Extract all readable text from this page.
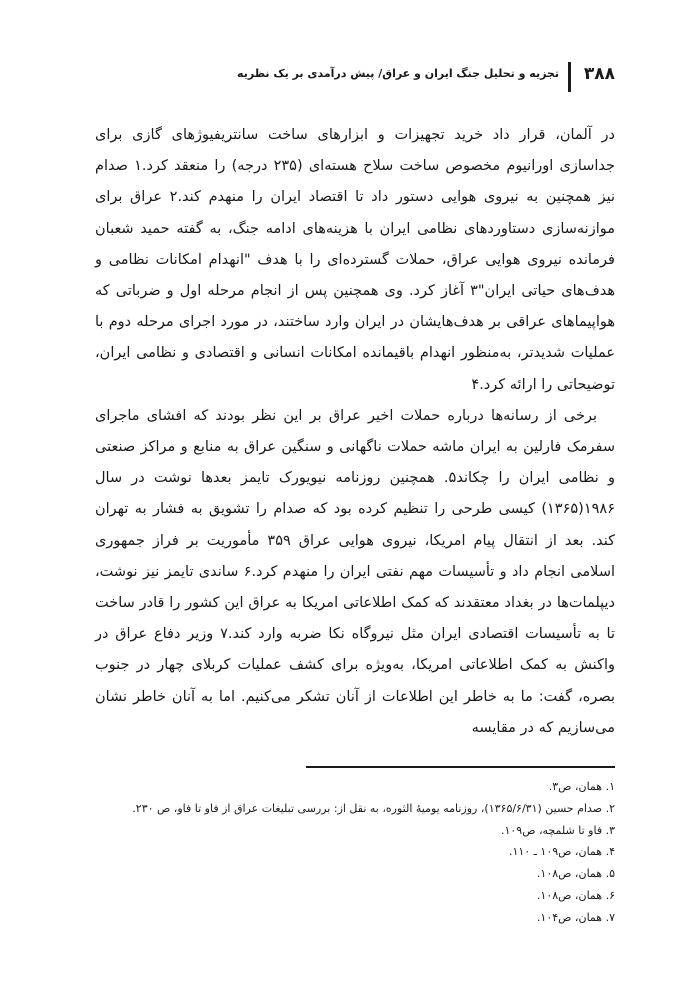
۳۸۸
تجزیه و تحلیل جنگ ایران و عراق/ پیش درآمدی بر یک نظریه

در آلمان، قرار داد خرید تجهیزات و ابزارهای ساخت سانتریفیوژهای گازی برای جداسازی اورانیوم مخصوص ساخت سلاح هسته‌ای (۲۳۵ درجه) را منعقد کرد.۱ صدام نیز همچنین به نیروی هوایی دستور داد تا اقتصاد ایران را منهدم کند.۲ عراق برای موازنه‌سازی دستاوردهای نظامی ایران با هزینه‌های ادامه جنگ، به گفته حمید شعبان فرمانده نیروی هوایی عراق، حملات گسترده‌ای را با هدف "انهدام امکانات نظامی و هدف‌های حیاتی ایران"۳ آغاز کرد. وی همچنین پس از انجام مرحله اول و ضرباتی که هواپیماهای عراقی بر هدف‌هایشان در ایران وارد ساختند، در مورد اجرای مرحله دوم با عملیات شدیدتر، به‌منظور انهدام باقیمانده امکانات انسانی و اقتصادی و نظامی ایران، توضیحاتی را ارائه کرد.۴

برخی از رسانه‌ها درباره حملات اخیر عراق بر این نظر بودند که افشای ماجرای سفرمک فارلین به ایران ماشه حملات ناگهانی و سنگین عراق به منابع و مراکز صنعتی و نظامی ایران را چکاند۵. همچنین روزنامه نیویورک تایمز بعدها نوشت در سال ۱۹۸۶(۱۳۶۵) کیسی طرحی را تنظیم کرده بود که صدام را تشویق به فشار به تهران کند. بعد از انتقال پیام امریکا، نیروی هوایی عراق ۳۵۹ مأموریت بر فراز جمهوری اسلامی انجام داد و تأسیسات مهم نفتی ایران را منهدم کرد.۶ ساندی تایمز نیز نوشت، دیپلمات‌ها در بغداد معتقدند که کمک اطلاعاتی امریکا به عراق این کشور را قادر ساخت تا به تأسیسات اقتصادی ایران مثل نیروگاه نکا ضربه وارد کند.۷ وزیر دفاع عراق در واکنش به کمک اطلاعاتی امریکا، به‌ویژه برای کشف عملیات کربلای چهار در جنوب بصره، گفت: ما به خاطر این اطلاعات از آنان تشکر می‌کنیم. اما به آنان خاطر نشان می‌سازیم که در مقایسه

۱. همان، ص۳.
۲. صدام حسین (۱۳۶۵/۶/۳۱)، روزنامه یومیهٔ الثوره، به نقل از: بررسی تبلیغات عراق از فاو تا فاو، ص ۲۳۰.
۳. فاو تا شلمچه، ص۱۰۹.
۴. همان، ص۱۰۹ ـ ۱۱۰.
۵. همان، ص۱۰۸.
۶. همان، ص۱۰۸.
۷. همان، ص۱۰۴.
